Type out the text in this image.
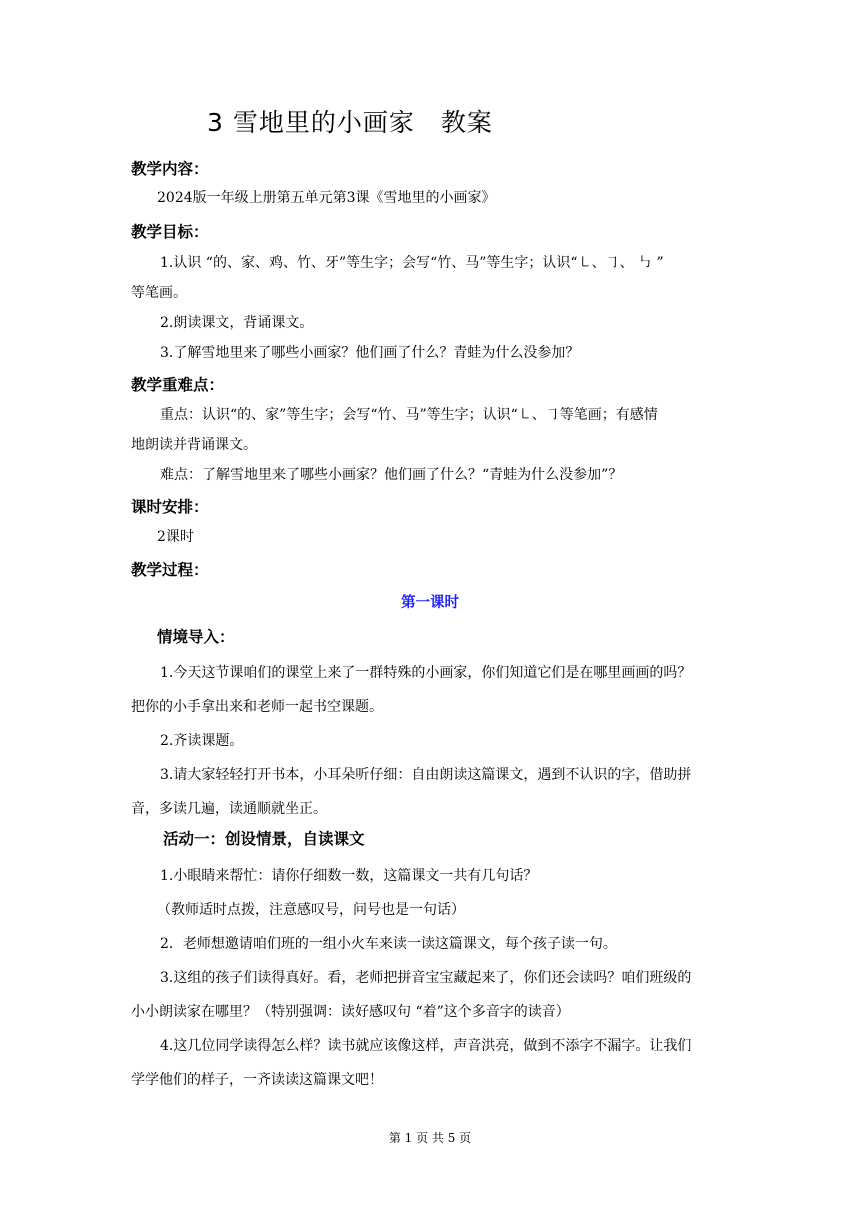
3 雪地里的小画家　教案
教学内容：

2024版一年级上册第五单元第3课《雪地里的小画家》

教学目标：

1.认识 “的、家、鸡、竹、牙”等生字；会写“竹、马”等生字；认识“㇄、㇆、 ㇉ ”

等笔画。

2.朗读课文，背诵课文。

3.了解雪地里来了哪些小画家？他们画了什么？青蛙为什么没参加？

教学重难点：

重点：认识“的、家”等生字；会写“竹、马”等生字；认识“㇄、㇆等笔画；有感情

地朗读并背诵课文。

难点：了解雪地里来了哪些小画家？他们画了什么？“青蛙为什么没参加”？

课时安排：

2课时

教学过程：

第一课时

情境导入：

1.今天这节课咱们的课堂上来了一群特殊的小画家，你们知道它们是在哪里画画的吗？

把你的小手拿出来和老师一起书空课题。

2.齐读课题。

3.请大家轻轻打开书本，小耳朵听仔细：自由朗读这篇课文，遇到不认识的字，借助拼

音，多读几遍，读通顺就坐正。

活动一：创设情景，自读课文

1.小眼睛来帮忙：请你仔细数一数，这篇课文一共有几句话？

（教师适时点拨，注意感叹号，问号也是一句话）

2．老师想邀请咱们班的一组小火车来读一读这篇课文，每个孩子读一句。

3.这组的孩子们读得真好。看，老师把拼音宝宝藏起来了，你们还会读吗？咱们班级的

小小朗读家在哪里？（特别强调：读好感叹句 “着”这个多音字的读音）

4.这几位同学读得怎么样？读书就应该像这样，声音洪亮，做到不添字不漏字。让我们

学学他们的样子，一齐读读这篇课文吧！

第 1 页 共 5 页
